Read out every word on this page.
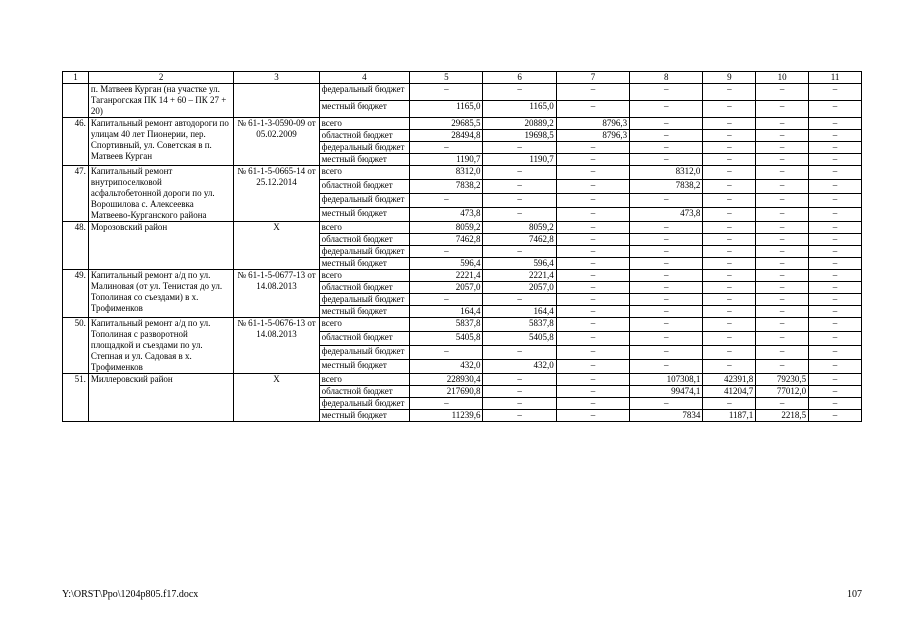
1	2	3	4	5	6	7	8	9	10	11
	п. Матвеев Курган (на участке ул. Таганрогская ПК 14 + 60 – ПК 27 + 20)		федеральный бюджет	–	–	–	–	–	–	–
			местный бюджет	1165,0	1165,0	–	–	–	–	–
46.	Капитальный ремонт автодороги по улицам 40 лет Пионерии, пер. Спортивный, ул. Советская в п. Матвеев Курган	№ 61-1-3-0590-09 от 05.02.2009	всего	29685,5	20889,2	8796,3	–	–	–	–
			областной бюджет	28494,8	19698,5	8796,3	–	–	–	–
			федеральный бюджет	–	–	–	–	–	–	–
			местный бюджет	1190,7	1190,7	–	–	–	–	–
47.	Капитальный ремонт внутрипоселковой асфальтобетонной дороги по ул. Ворошилова с. Алексеевка Матвеево-Курганского района	№ 61-1-5-0665-14 от 25.12.2014	всего	8312,0	–	–	8312,0	–	–	–
			областной бюджет	7838,2	–	–	7838,2	–	–	–
			федеральный бюджет	–	–	–	–	–	–	–
			местный бюджет	473,8	–	–	473,8	–	–	–
48.	Морозовский район	Х	всего	8059,2	8059,2	–	–	–	–	–
			областной бюджет	7462,8	7462,8	–	–	–	–	–
			федеральный бюджет	–	–	–	–	–	–	–
			местный бюджет	596,4	596,4	–	–	–	–	–
49.	Капитальный ремонт а/д по ул. Малиновая (от ул. Тенистая до ул. Тополиная со съездами) в х. Трофименков	№ 61-1-5-0677-13 от 14.08.2013	всего	2221,4	2221,4	–	–	–	–	–
			областной бюджет	2057,0	2057,0	–	–	–	–	–
			федеральный бюджет	–	–	–	–	–	–	–
			местный бюджет	164,4	164,4	–	–	–	–	–
50.	Капитальный ремонт а/д по ул. Тополиная с разворотной площадкой и съездами по ул. Степная и ул. Садовая в х. Трофименков	№ 61-1-5-0676-13 от 14.08.2013	всего	5837,8	5837,8	–	–	–	–	–
			областной бюджет	5405,8	5405,8	–	–	–	–	–
			федеральный бюджет	–	–	–	–	–	–	–
			местный бюджет	432,0	432,0	–	–	–	–	–
51.	Миллеровский район	Х	всего	228930,4	–	–	107308,1	42391,8	79230,5	–
			областной бюджет	217690,8	–	–	99474,1	41204,7	77012,0	–
			федеральный бюджет	–	–	–	–	–	–	–
			местный бюджет	11239,6	–	–	7834	1187,1	2218,5	–
Y:\ORST\Ppo\1204p805.f17.docx	107
